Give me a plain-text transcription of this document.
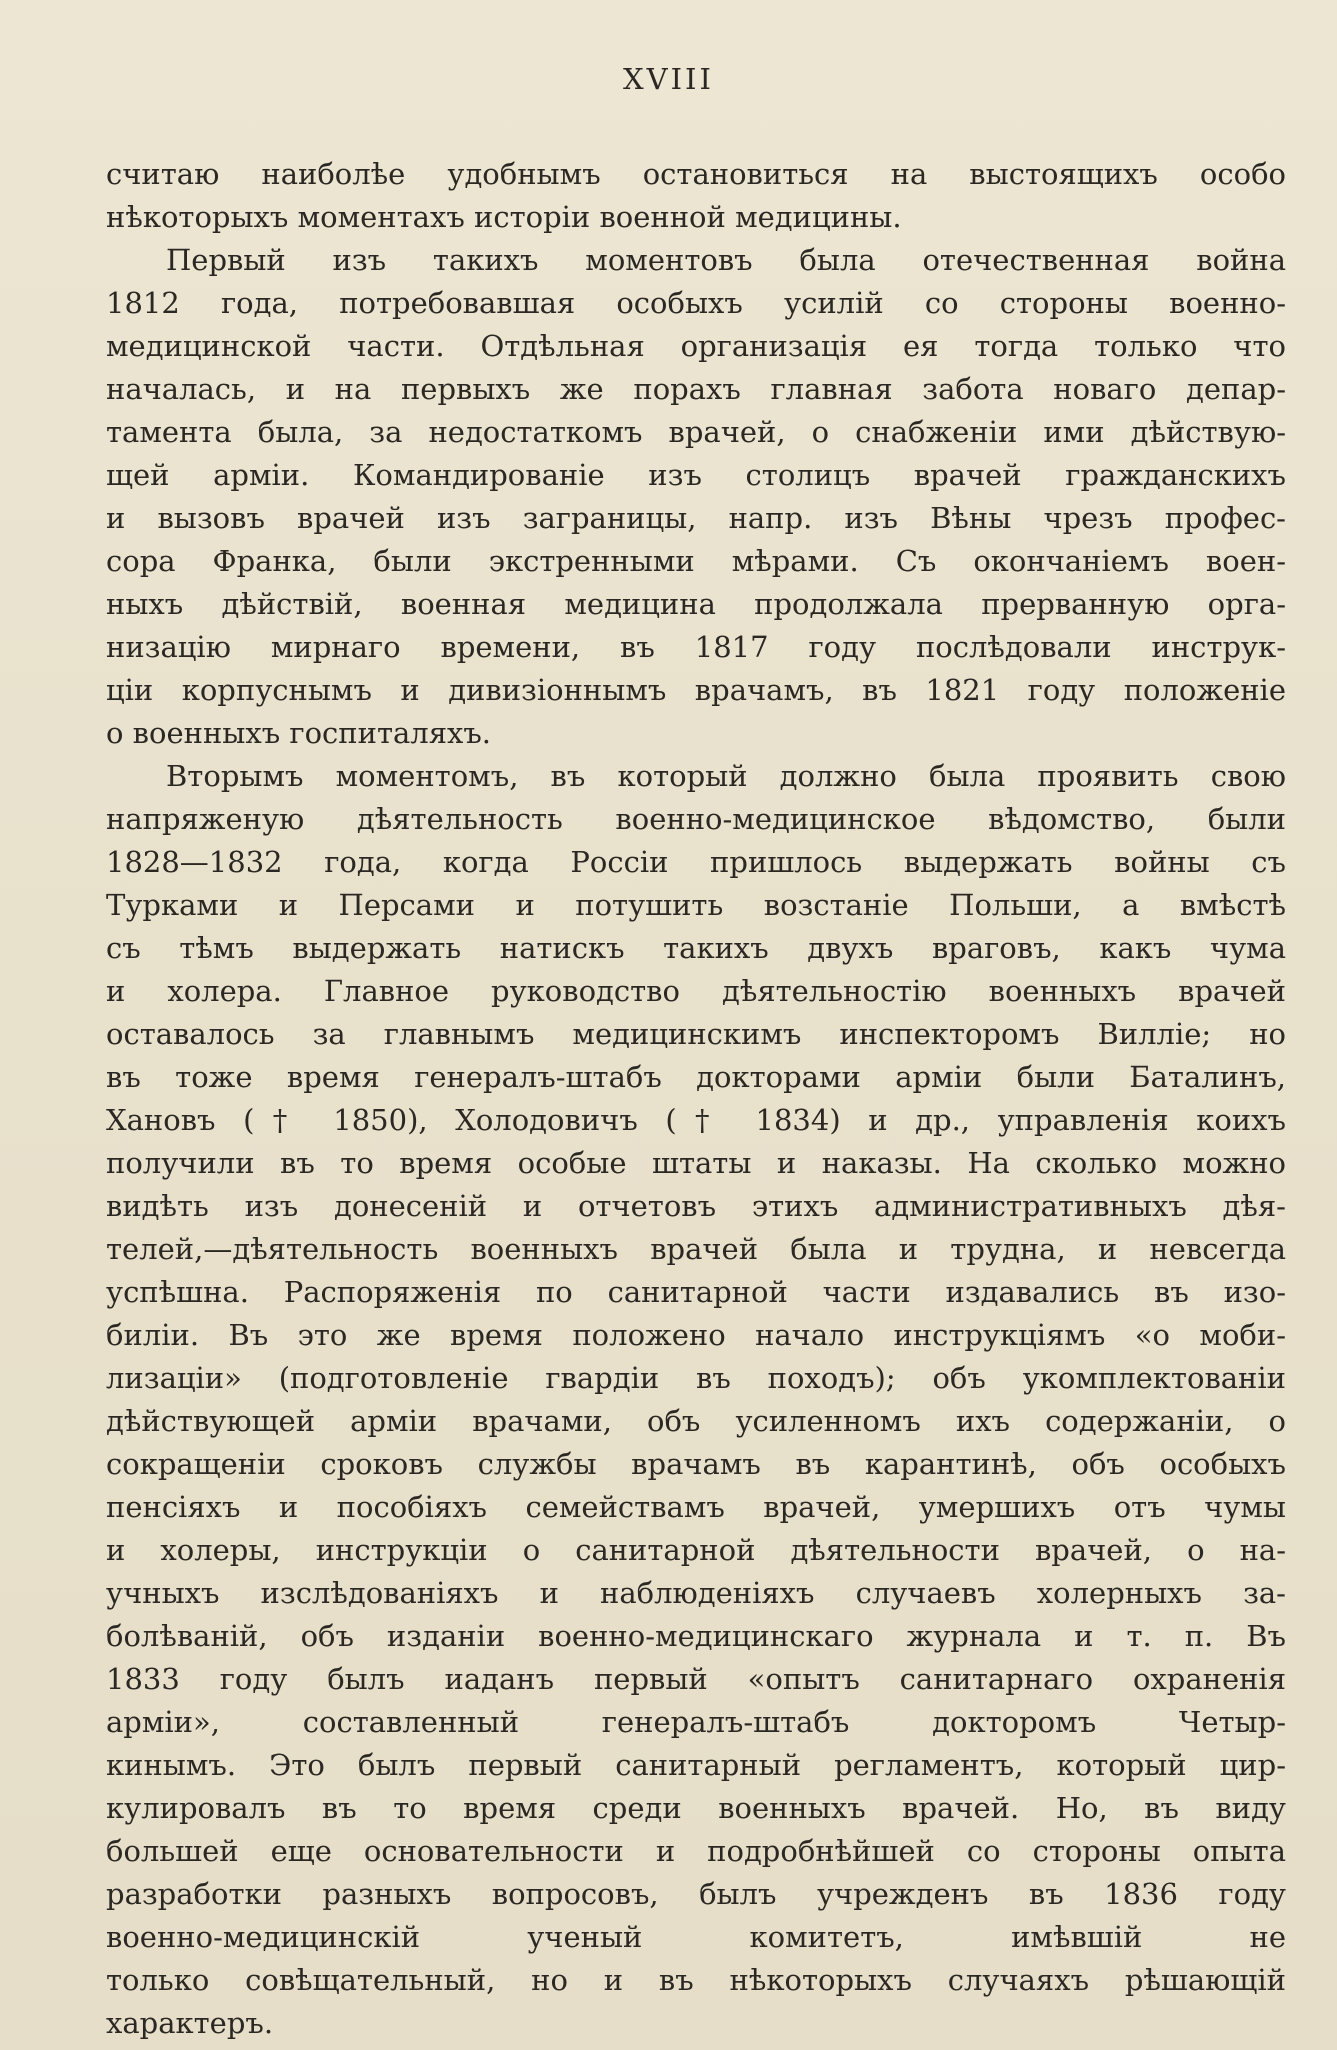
XVIII
считаю наиболѣе удобнымъ остановиться на выстоящихъ особо
нѣкоторыхъ моментахъ исторіи военной медицины.
Первый изъ такихъ моментовъ была отечественная война
1812 года, потребовавшая особыхъ усилій со стороны военно-
медицинской части. Отдѣльная организація ея тогда только что
началась, и на первыхъ же порахъ главная забота новаго депар-
тамента была, за недостаткомъ врачей, о снабженіи ими дѣйствую-
щей арміи. Командированіе изъ столицъ врачей гражданскихъ
и вызовъ врачей изъ заграницы, напр. изъ Вѣны чрезъ профес-
сора Франка, были экстренными мѣрами. Съ окончаніемъ воен-
ныхъ дѣйствій, военная медицина продолжала прерванную орга-
низацію мирнаго времени, въ 1817 году послѣдовали инструк-
ціи корпуснымъ и дивизіоннымъ врачамъ, въ 1821 году положеніе
о военныхъ госпиталяхъ.
Вторымъ моментомъ, въ который должно была проявить свою
напряженую дѣятельность военно-медицинское вѣдомство, были
1828—1832 года, когда Россіи пришлось выдержать войны съ
Турками и Персами и потушить возстаніе Польши, а вмѣстѣ
съ тѣмъ выдержать натискъ такихъ двухъ враговъ, какъ чума
и холера. Главное руководство дѣятельностію военныхъ врачей
оставалось за главнымъ медицинскимъ инспекторомъ Вилліе; но
въ тоже время генералъ-штабъ докторами арміи были Баталинъ,
Хановъ († 1850), Холодовичъ († 1834) и др., управленія коихъ
получили въ то время особые штаты и наказы. На сколько можно
видѣть изъ донесеній и отчетовъ этихъ административныхъ дѣя-
телей,—дѣятельность военныхъ врачей была и трудна, и невсегда
успѣшна. Распоряженія по санитарной части издавались въ изо-
биліи. Въ это же время положено начало инструкціямъ «о моби-
лизаціи» (подготовленіе гвардіи въ походъ); объ укомплектованіи
дѣйствующей арміи врачами, объ усиленномъ ихъ содержаніи, о
сокращеніи сроковъ службы врачамъ въ карантинѣ, объ особыхъ
пенсіяхъ и пособіяхъ семействамъ врачей, умершихъ отъ чумы
и холеры, инструкціи о санитарной дѣятельности врачей, о на-
учныхъ изслѣдованіяхъ и наблюденіяхъ случаевъ холерныхъ за-
болѣваній, объ изданіи военно-медицинскаго журнала и т. п. Въ
1833 году былъ иаданъ первый «опытъ санитарнаго охраненія
арміи», составленный генералъ-штабъ докторомъ Четыр-
кинымъ. Это былъ первый санитарный регламентъ, который цир-
кулировалъ въ то время среди военныхъ врачей. Но, въ виду
большей еще основательности и подробнѣйшей со стороны опыта
разработки разныхъ вопросовъ, былъ учрежденъ въ 1836 году
военно-медицинскій ученый комитетъ, имѣвшій не
только совѣщательный, но и въ нѣкоторыхъ случаяхъ рѣшающій
характеръ.
